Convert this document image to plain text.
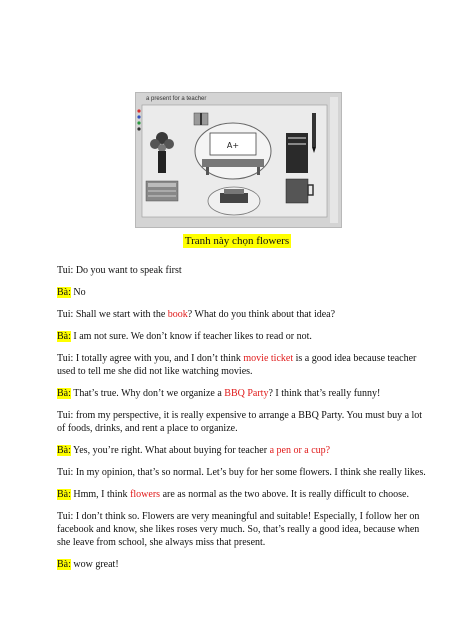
a present for a teacher
A+
Tranh này chọn flowers

Tui: Do you want to speak first

Bà: No

Tui: Shall we start with the book? What do you think about that idea?

Bà: I am not sure. We don’t know if teacher likes to read or not.

Tui: I totally agree with you, and I don’t think movie ticket is a good idea because teacher used to tell me she did not like watching movies.

Bà: That’s true. Why don’t we organize a BBQ Party? I think that’s really funny!

Tui: from my perspective, it is really expensive to arrange a BBQ Party. You must buy a lot of foods, drinks, and rent a place to organize.

Bà: Yes, you’re right. What about buying for teacher a pen or a cup?

Tui: In my opinion, that’s so normal. Let’s buy for her some flowers. I think she really likes.

Bà: Hmm, I think flowers are as normal as the two above. It is really difficult to choose.

Tui: I don’t think so. Flowers are very meaningful and suitable! Especially, I follow her on facebook and know, she likes roses very much. So, that’s really a good idea, because when she leave from school, she always miss that present.

Bà: wow great!
